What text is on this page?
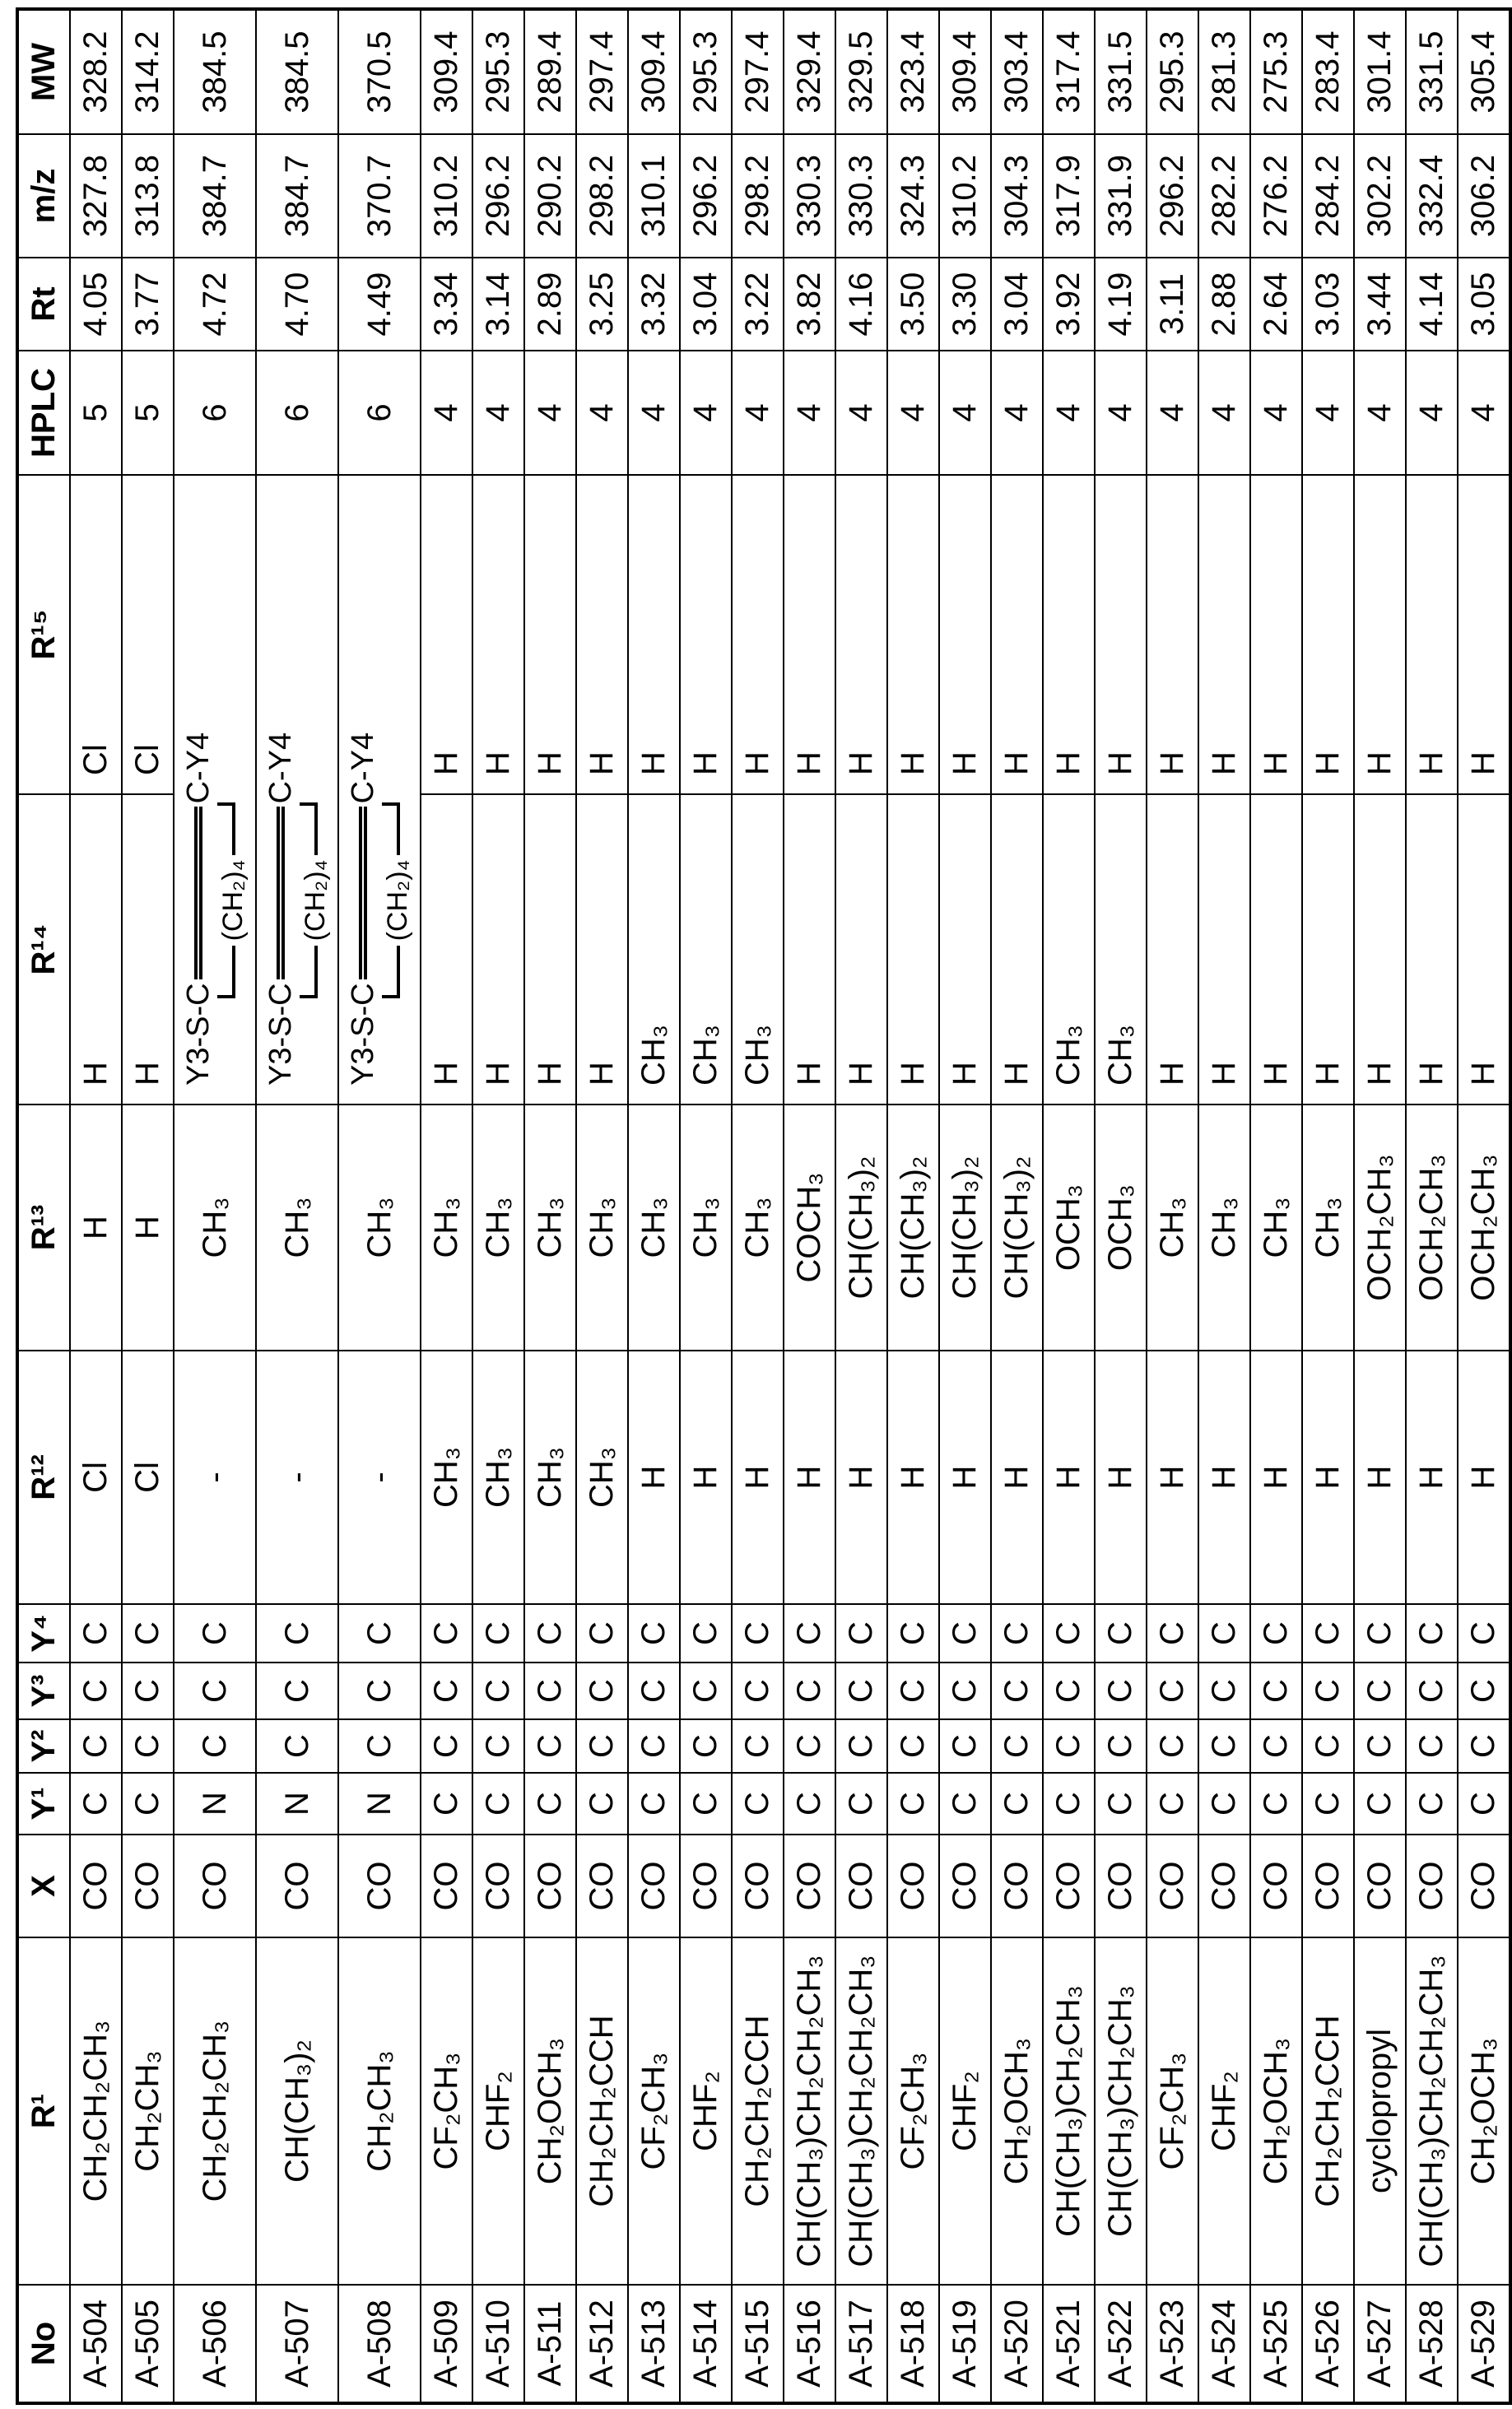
No	R¹	X	Y¹	Y²	Y³	Y⁴	R¹²	R¹³	R¹⁴	R¹⁵	HPLC	Rt	m/z	MW
A-504	CH₂CH₂CH₃	CO	C	C	C	C	Cl	H	H	Cl	5	4.05	327.8	328.2
A-505	CH₂CH₃	CO	C	C	C	C	Cl	H	H	Cl	5	3.77	313.8	314.2
A-506	CH₂CH₂CH₃	CO	N	C	C	C	-	CH₃	
Y3-S-C
C-Y4
(CH₂)₄
	6	4.72	384.7	384.5
A-507	CH(CH₃)₂	CO	N	C	C	C	-	CH₃	
Y3-S-C
C-Y4
(CH₂)₄
	6	4.70	384.7	384.5
A-508	CH₂CH₃	CO	N	C	C	C	-	CH₃	
Y3-S-C
C-Y4
(CH₂)₄
	6	4.49	370.7	370.5
A-509	CF₂CH₃	CO	C	C	C	C	CH₃	CH₃	H	H	4	3.34	310.2	309.4
A-510	CHF₂	CO	C	C	C	C	CH₃	CH₃	H	H	4	3.14	296.2	295.3
A-511	CH₂OCH₃	CO	C	C	C	C	CH₃	CH₃	H	H	4	2.89	290.2	289.4
A-512	CH₂CH₂CCH	CO	C	C	C	C	CH₃	CH₃	H	H	4	3.25	298.2	297.4
A-513	CF₂CH₃	CO	C	C	C	C	H	CH₃	CH₃	H	4	3.32	310.1	309.4
A-514	CHF₂	CO	C	C	C	C	H	CH₃	CH₃	H	4	3.04	296.2	295.3
A-515	CH₂CH₂CCH	CO	C	C	C	C	H	CH₃	CH₃	H	4	3.22	298.2	297.4
A-516	CH(CH₃)CH₂CH₂CH₃	CO	C	C	C	C	H	COCH₃	H	H	4	3.82	330.3	329.4
A-517	CH(CH₃)CH₂CH₂CH₃	CO	C	C	C	C	H	CH(CH₃)₂	H	H	4	4.16	330.3	329.5
A-518	CF₂CH₃	CO	C	C	C	C	H	CH(CH₃)₂	H	H	4	3.50	324.3	323.4
A-519	CHF₂	CO	C	C	C	C	H	CH(CH₃)₂	H	H	4	3.30	310.2	309.4
A-520	CH₂OCH₃	CO	C	C	C	C	H	CH(CH₃)₂	H	H	4	3.04	304.3	303.4
A-521	CH(CH₃)CH₂CH₃	CO	C	C	C	C	H	OCH₃	CH₃	H	4	3.92	317.9	317.4
A-522	CH(CH₃)CH₂CH₃	CO	C	C	C	C	H	OCH₃	CH₃	H	4	4.19	331.9	331.5
A-523	CF₂CH₃	CO	C	C	C	C	H	CH₃	H	H	4	3.11	296.2	295.3
A-524	CHF₂	CO	C	C	C	C	H	CH₃	H	H	4	2.88	282.2	281.3
A-525	CH₂OCH₃	CO	C	C	C	C	H	CH₃	H	H	4	2.64	276.2	275.3
A-526	CH₂CH₂CCH	CO	C	C	C	C	H	CH₃	H	H	4	3.03	284.2	283.4
A-527	cyclopropyl	CO	C	C	C	C	H	OCH₂CH₃	H	H	4	3.44	302.2	301.4
A-528	CH(CH₃)CH₂CH₂CH₃	CO	C	C	C	C	H	OCH₂CH₃	H	H	4	4.14	332.4	331.5
A-529	CH₂OCH₃	CO	C	C	C	C	H	OCH₂CH₃	H	H	4	3.05	306.2	305.4
